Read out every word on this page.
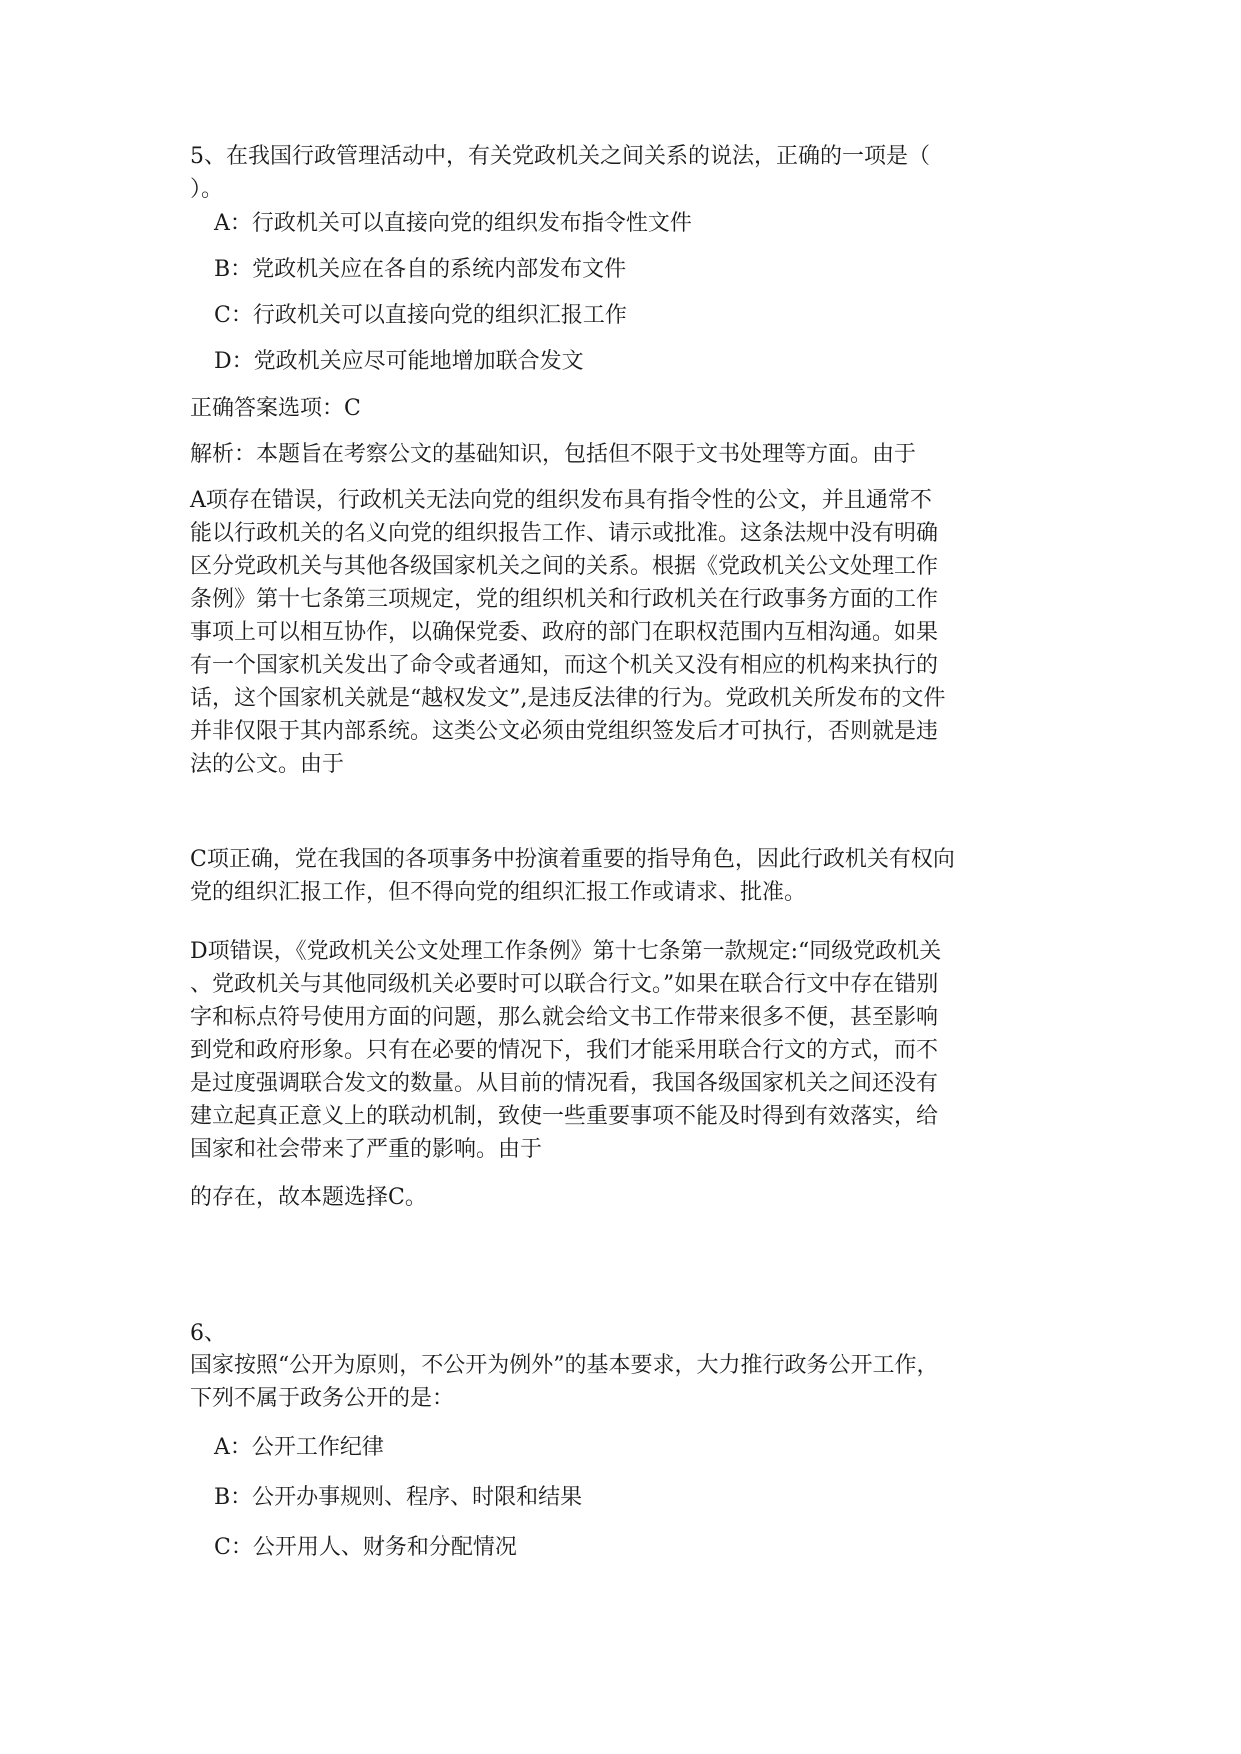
5、在我国行政管理活动中，有关党政机关之间关系的说法，正确的一项是（
）。
A：行政机关可以直接向党的组织发布指令性文件
B：党政机关应在各自的系统内部发布文件
C：行政机关可以直接向党的组织汇报工作
D：党政机关应尽可能地增加联合发文
正确答案选项：C
解析：本题旨在考察公文的基础知识，包括但不限于文书处理等方面。由于
A项存在错误，行政机关无法向党的组织发布具有指令性的公文，并且通常不
能以行政机关的名义向党的组织报告工作、请示或批准。这条法规中没有明确
区分党政机关与其他各级国家机关之间的关系。根据《党政机关公文处理工作
条例》第十七条第三项规定，党的组织机关和行政机关在行政事务方面的工作
事项上可以相互协作，以确保党委、政府的部门在职权范围内互相沟通。如果
有一个国家机关发出了命令或者通知，而这个机关又没有相应的机构来执行的
话，这个国家机关就是“越权发文”,是违反法律的行为。党政机关所发布的文件
并非仅限于其内部系统。这类公文必须由党组织签发后才可执行，否则就是违
法的公文。由于
C项正确，党在我国的各项事务中扮演着重要的指导角色，因此行政机关有权向
党的组织汇报工作，但不得向党的组织汇报工作或请求、批准。
D项错误，《党政机关公文处理工作条例》第十七条第一款规定:“同级党政机关
、党政机关与其他同级机关必要时可以联合行文。”如果在联合行文中存在错别
字和标点符号使用方面的问题，那么就会给文书工作带来很多不便，甚至影响
到党和政府形象。只有在必要的情况下，我们才能采用联合行文的方式，而不
是过度强调联合发文的数量。从目前的情况看，我国各级国家机关之间还没有
建立起真正意义上的联动机制，致使一些重要事项不能及时得到有效落实，给
国家和社会带来了严重的影响。由于
的存在，故本题选择C。
6、
国家按照“公开为原则，不公开为例外”的基本要求，大力推行政务公开工作，
下列不属于政务公开的是：
A：公开工作纪律
B：公开办事规则、程序、时限和结果
C：公开用人、财务和分配情况
